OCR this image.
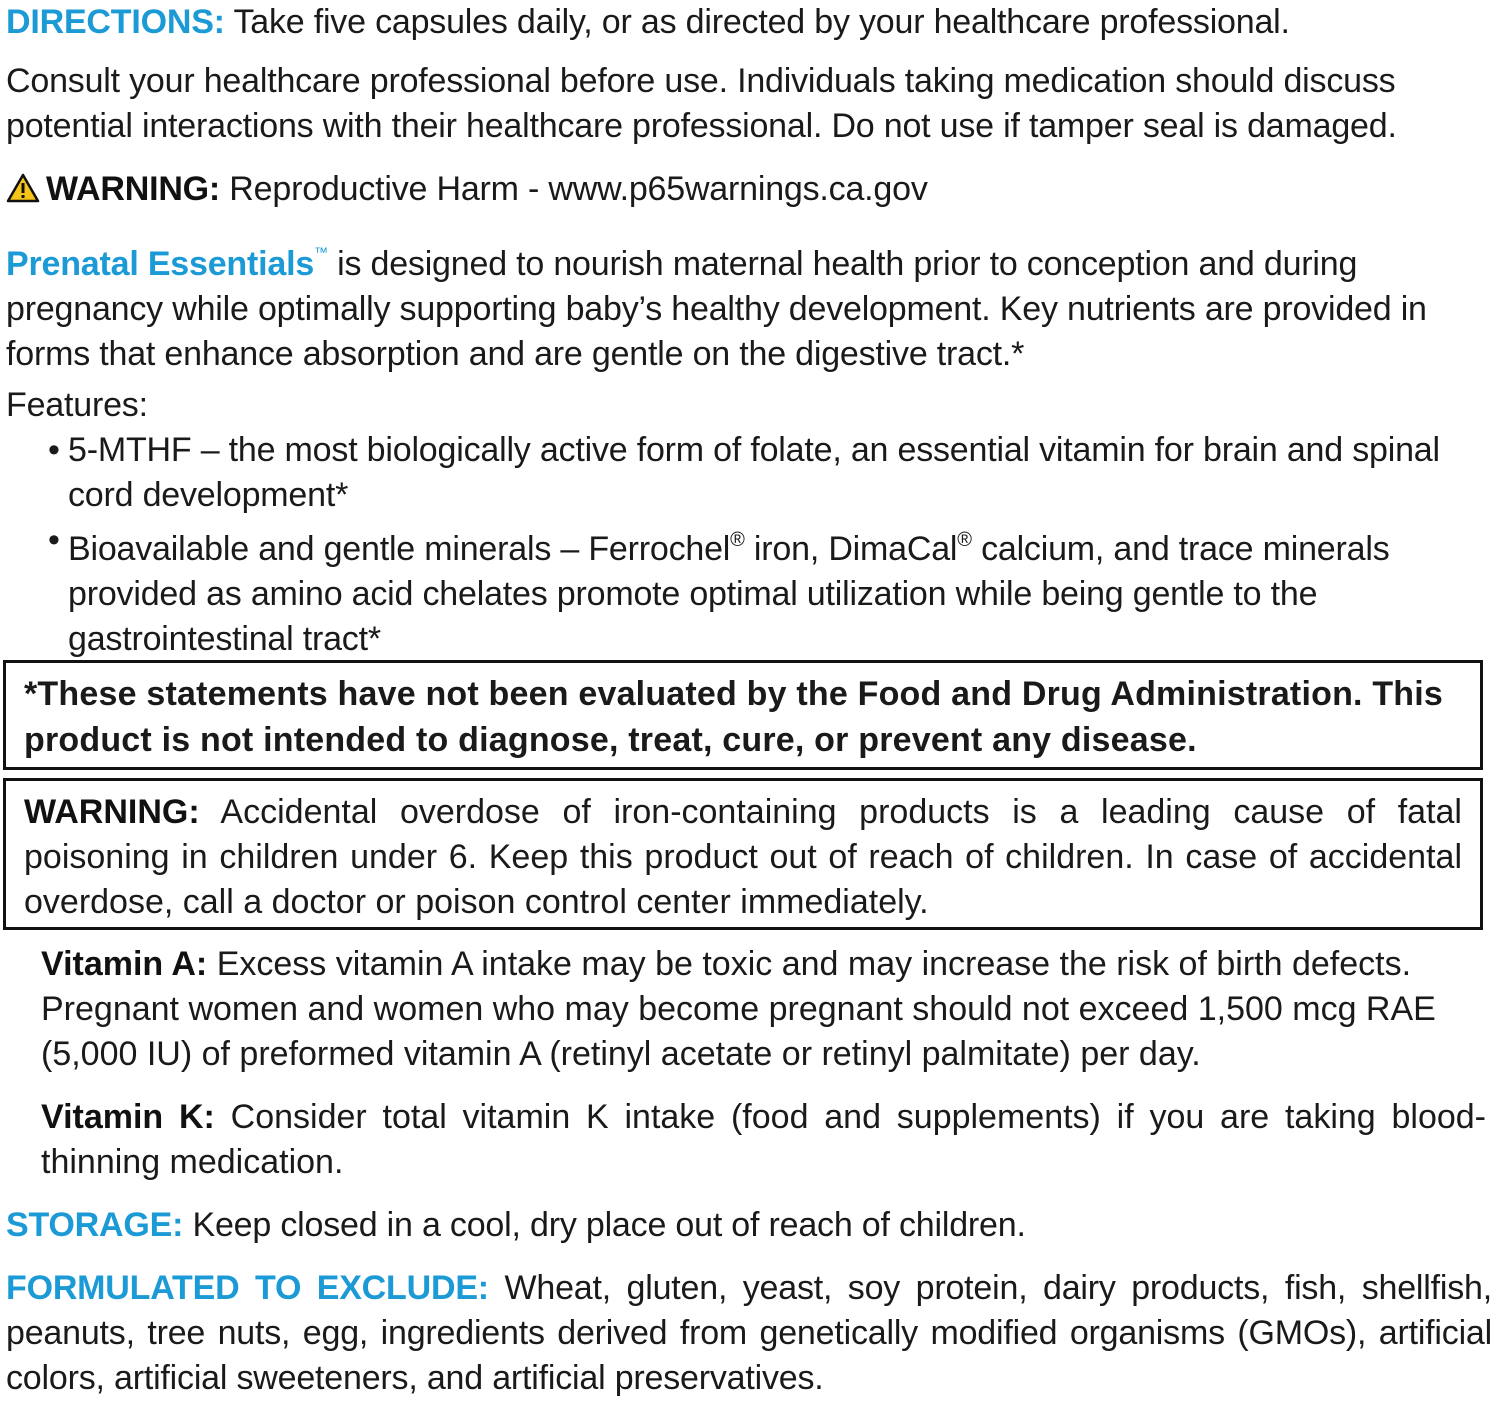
DIRECTIONS: Take five capsules daily, or as directed by your healthcare professional.
Consult your healthcare professional before use. Individuals taking medication should discuss potential interactions with their healthcare professional. Do not use if tamper seal is damaged.
WARNING: Reproductive Harm - www.p65warnings.ca.gov
Prenatal Essentials™ is designed to nourish maternal health prior to conception and during pregnancy while optimally supporting baby’s healthy development. Key nutrients are provided in forms that enhance absorption and are gentle on the digestive tract.*
Features:
• 5-MTHF – the most biologically active form of folate, an essential vitamin for brain and spinal cord development*
• Bioavailable and gentle minerals – Ferrochel® iron, DimaCal® calcium, and trace minerals provided as amino acid chelates promote optimal utilization while being gentle to the gastrointestinal tract*
*These statements have not been evaluated by the Food and Drug Administration. This product is not intended to diagnose, treat, cure, or prevent any disease.
WARNING: Accidental overdose of iron-containing products is a leading cause of fatal poisoning in children under 6. Keep this product out of reach of children. In case of accidental overdose, call a doctor or poison control center immediately.
Vitamin A: Excess vitamin A intake may be toxic and may increase the risk of birth defects. Pregnant women and women who may become pregnant should not exceed 1,500 mcg RAE (5,000 IU) of preformed vitamin A (retinyl acetate or retinyl palmitate) per day.
Vitamin K: Consider total vitamin K intake (food and supplements) if you are taking blood-thinning medication.
STORAGE: Keep closed in a cool, dry place out of reach of children.
FORMULATED TO EXCLUDE: Wheat, gluten, yeast, soy protein, dairy products, fish, shellfish, peanuts, tree nuts, egg, ingredients derived from genetically modified organisms (GMOs), artificial colors, artificial sweeteners, and artificial preservatives.
